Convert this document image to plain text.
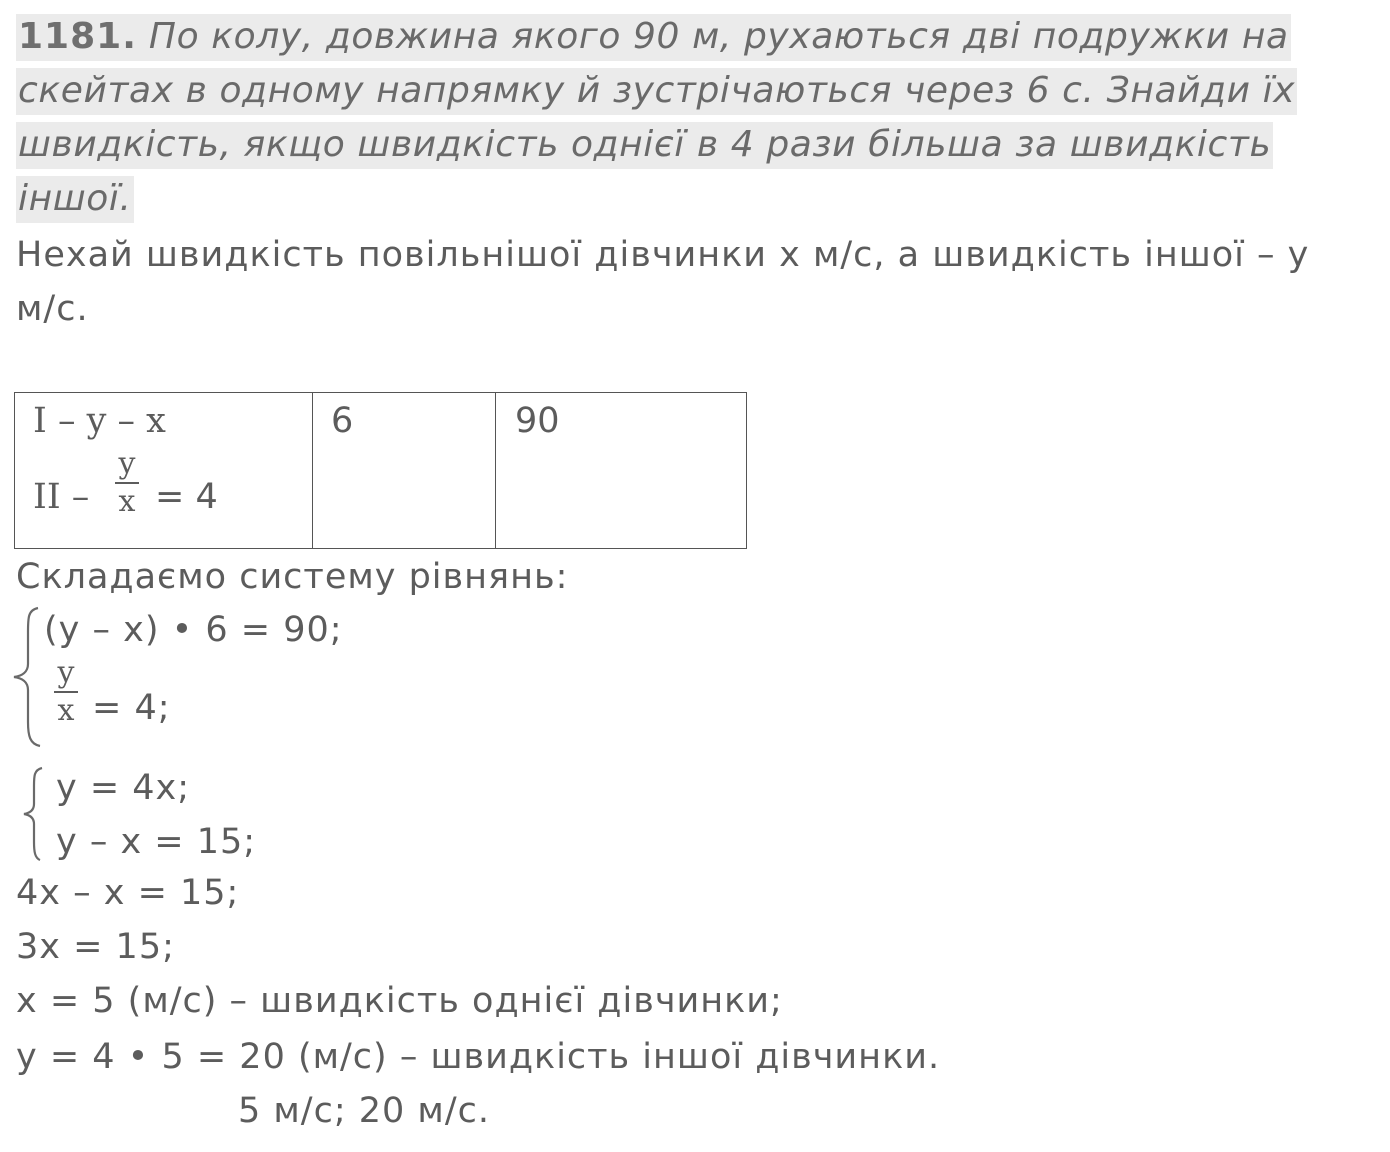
1181. По колу, довжина якого 90 м, рухаються дві подружки на
скейтах в одному напрямку й зустрічаються через 6 с. Знайди їх
швидкість, якщо швидкість однієї в 4 рази більша за швидкість
іншої.
Нехай швидкість повільнішої дівчинки x м/с, а швидкість іншої – y
м/с.
I – y – x
II –
y
x = 4
6	90
Складаємо систему рівнянь:
(y – x) • 6 = 90;
y
x = 4;
y = 4x;
y – x = 15;
4x – x = 15;
3x = 15;
x = 5 (м/с) – швидкість однієї дівчинки;
y = 4 • 5 = 20 (м/с) – швидкість іншої дівчинки.
5 м/с; 20 м/с.
